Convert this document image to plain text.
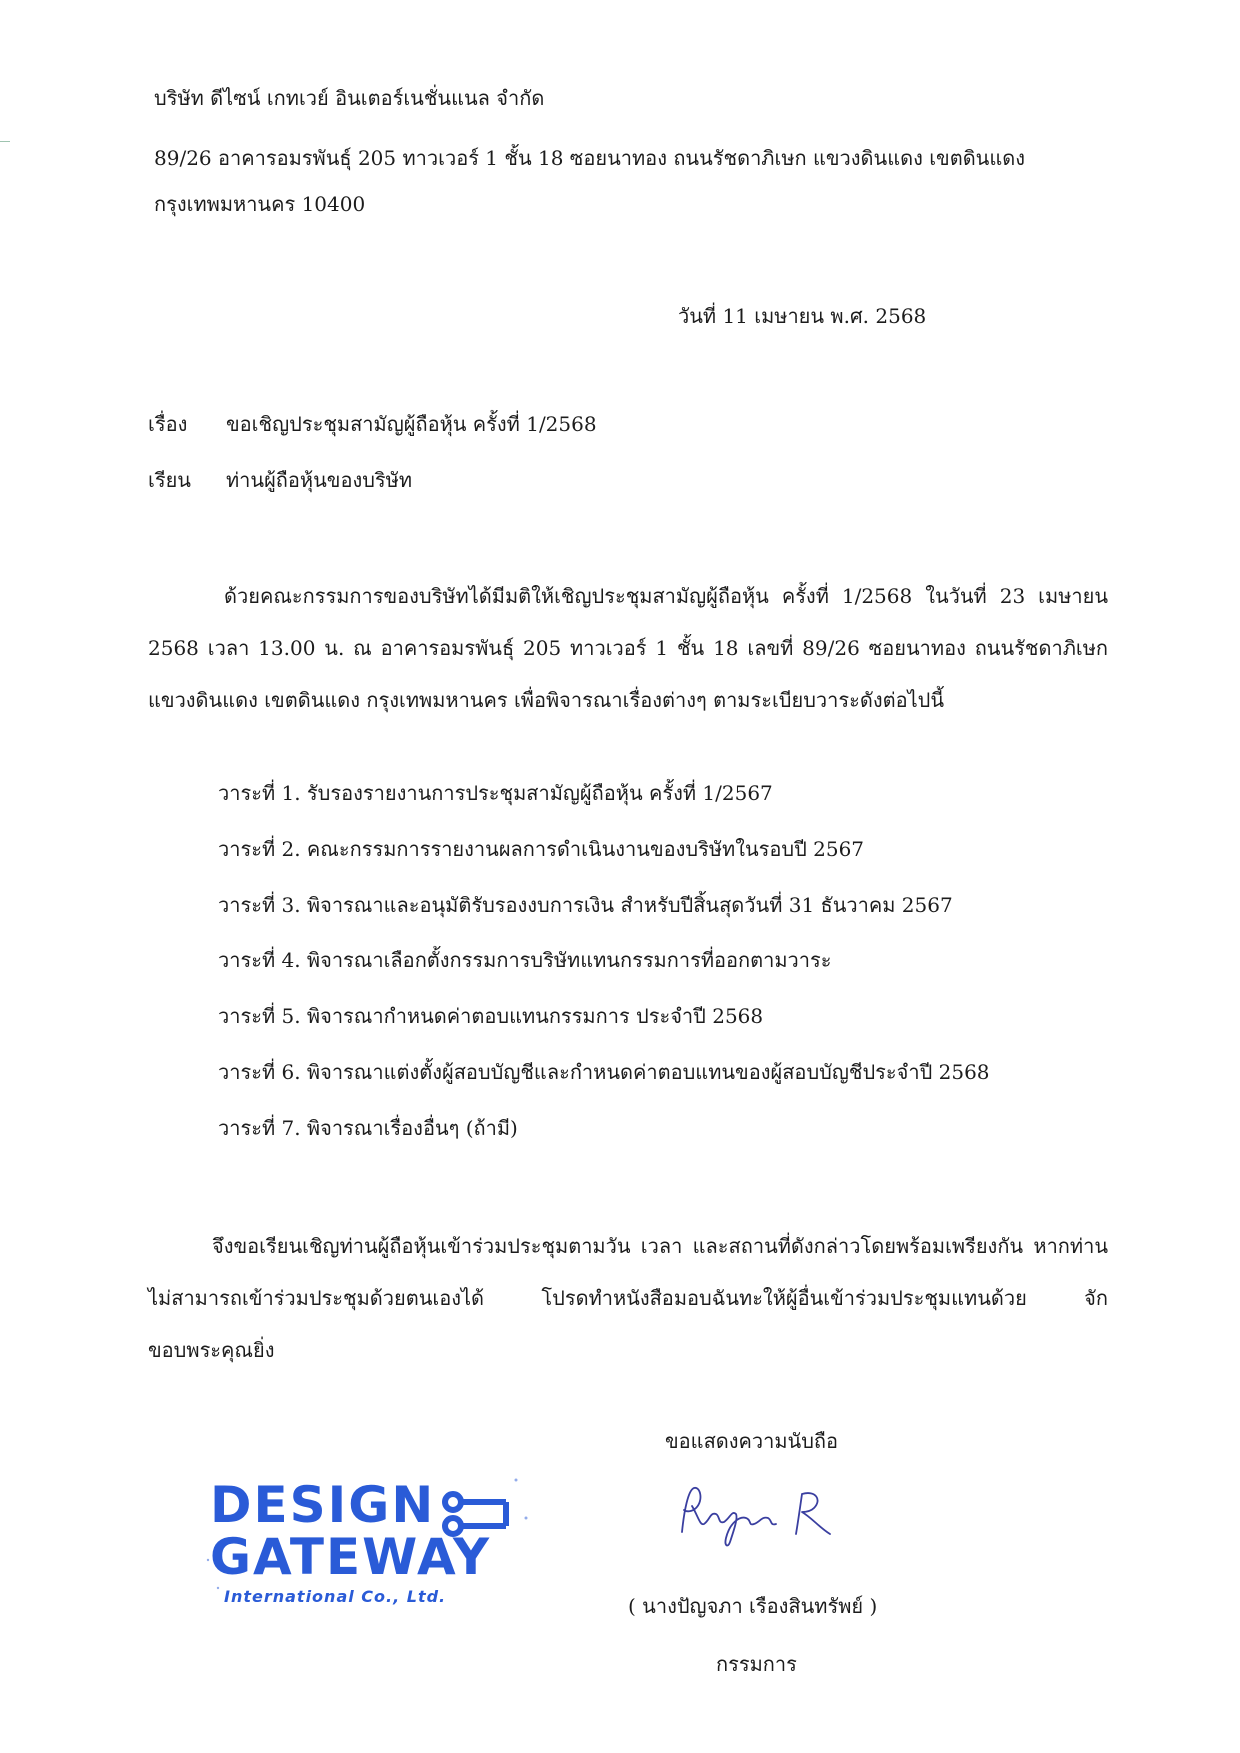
บริษัท ดีไซน์ เกทเวย์ อินเตอร์เนชั่นแนล จำกัด
89/26 อาคารอมรพันธุ์ 205 ทาวเวอร์ 1 ชั้น 18 ซอยนาทอง ถนนรัชดาภิเษก แขวงดินแดง เขตดินแดง
กรุงเทพมหานคร 10400
วันที่ 11 เมษายน พ.ศ. 2568
เรื่อง ขอเชิญประชุมสามัญผู้ถือหุ้น ครั้งที่ 1/2568
เรียน ท่านผู้ถือหุ้นของบริษัท

ด้วยคณะกรรมการของบริษัทได้มีมติให้เชิญประชุมสามัญผู้ถือหุ้น ครั้งที่ 1/2568 ในวันที่ 23 เมษายน 2568 เวลา 13.00 น. ณ อาคารอมรพันธุ์ 205 ทาวเวอร์ 1 ชั้น 18 เลขที่ 89/26 ซอยนาทอง ถนนรัชดาภิเษก แขวงดินแดง เขตดินแดง กรุงเทพมหานคร เพื่อพิจารณาเรื่องต่างๆ ตามระเบียบวาระดังต่อไปนี้

วาระที่ 1. รับรองรายงานการประชุมสามัญผู้ถือหุ้น ครั้งที่ 1/2567
วาระที่ 2. คณะกรรมการรายงานผลการดำเนินงานของบริษัทในรอบปี 2567
วาระที่ 3. พิจารณาและอนุมัติรับรองงบการเงิน สำหรับปีสิ้นสุดวันที่ 31 ธันวาคม 2567
วาระที่ 4. พิจารณาเลือกตั้งกรรมการบริษัทแทนกรรมการที่ออกตามวาระ
วาระที่ 5. พิจารณากำหนดค่าตอบแทนกรรมการ ประจำปี 2568
วาระที่ 6. พิจารณาแต่งตั้งผู้สอบบัญชีและกำหนดค่าตอบแทนของผู้สอบบัญชีประจำปี 2568
วาระที่ 7. พิจารณาเรื่องอื่นๆ (ถ้ามี)

จึงขอเรียนเชิญท่านผู้ถือหุ้นเข้าร่วมประชุมตามวัน เวลา และสถานที่ดังกล่าวโดยพร้อมเพรียงกัน หากท่านไม่สามารถเข้าร่วมประชุมด้วยตนเองได้ โปรดทำหนังสือมอบฉันทะให้ผู้อื่นเข้าร่วมประชุมแทนด้วย จักขอบพระคุณยิ่ง

ขอแสดงความนับถือ
DESIGN
GATEWAY
International Co., Ltd.	( นางปัญจภา เรืองสินทรัพย์ )
กรรมการ
